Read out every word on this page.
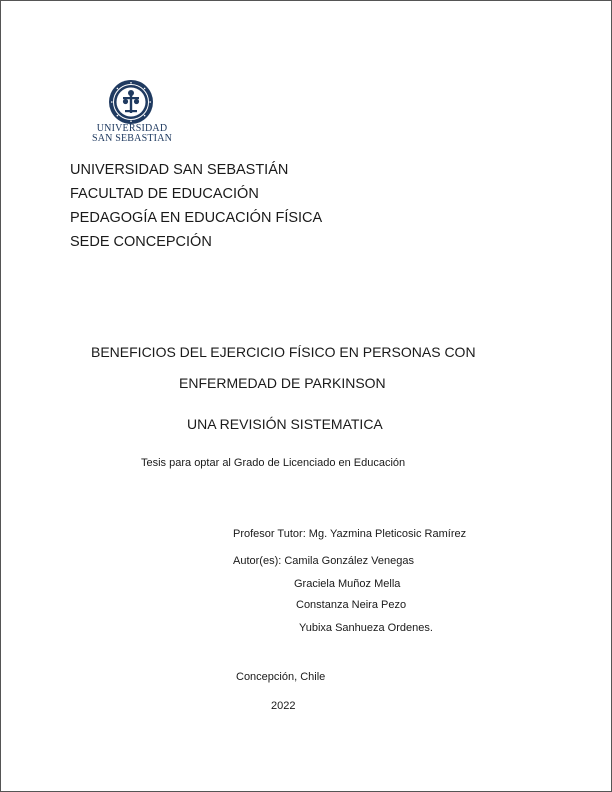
UNIVERSIDAD
SAN SEBASTIAN
UNIVERSIDAD SAN SEBASTIÁN
FACULTAD DE EDUCACIÓN
PEDAGOGÍA EN EDUCACIÓN FÍSICA
SEDE CONCEPCIÓN
BENEFICIOS DEL EJERCICIO FÍSICO EN PERSONAS CON
ENFERMEDAD DE PARKINSON
UNA REVISIÓN SISTEMATICA
Tesis para optar al Grado de Licenciado en Educación
Profesor Tutor: Mg. Yazmina Pleticosic Ramírez
Autor(es): Camila González Venegas
Graciela Muñoz Mella
Constanza Neira Pezo
Yubixa Sanhueza Ordenes.
Concepción, Chile
2022
